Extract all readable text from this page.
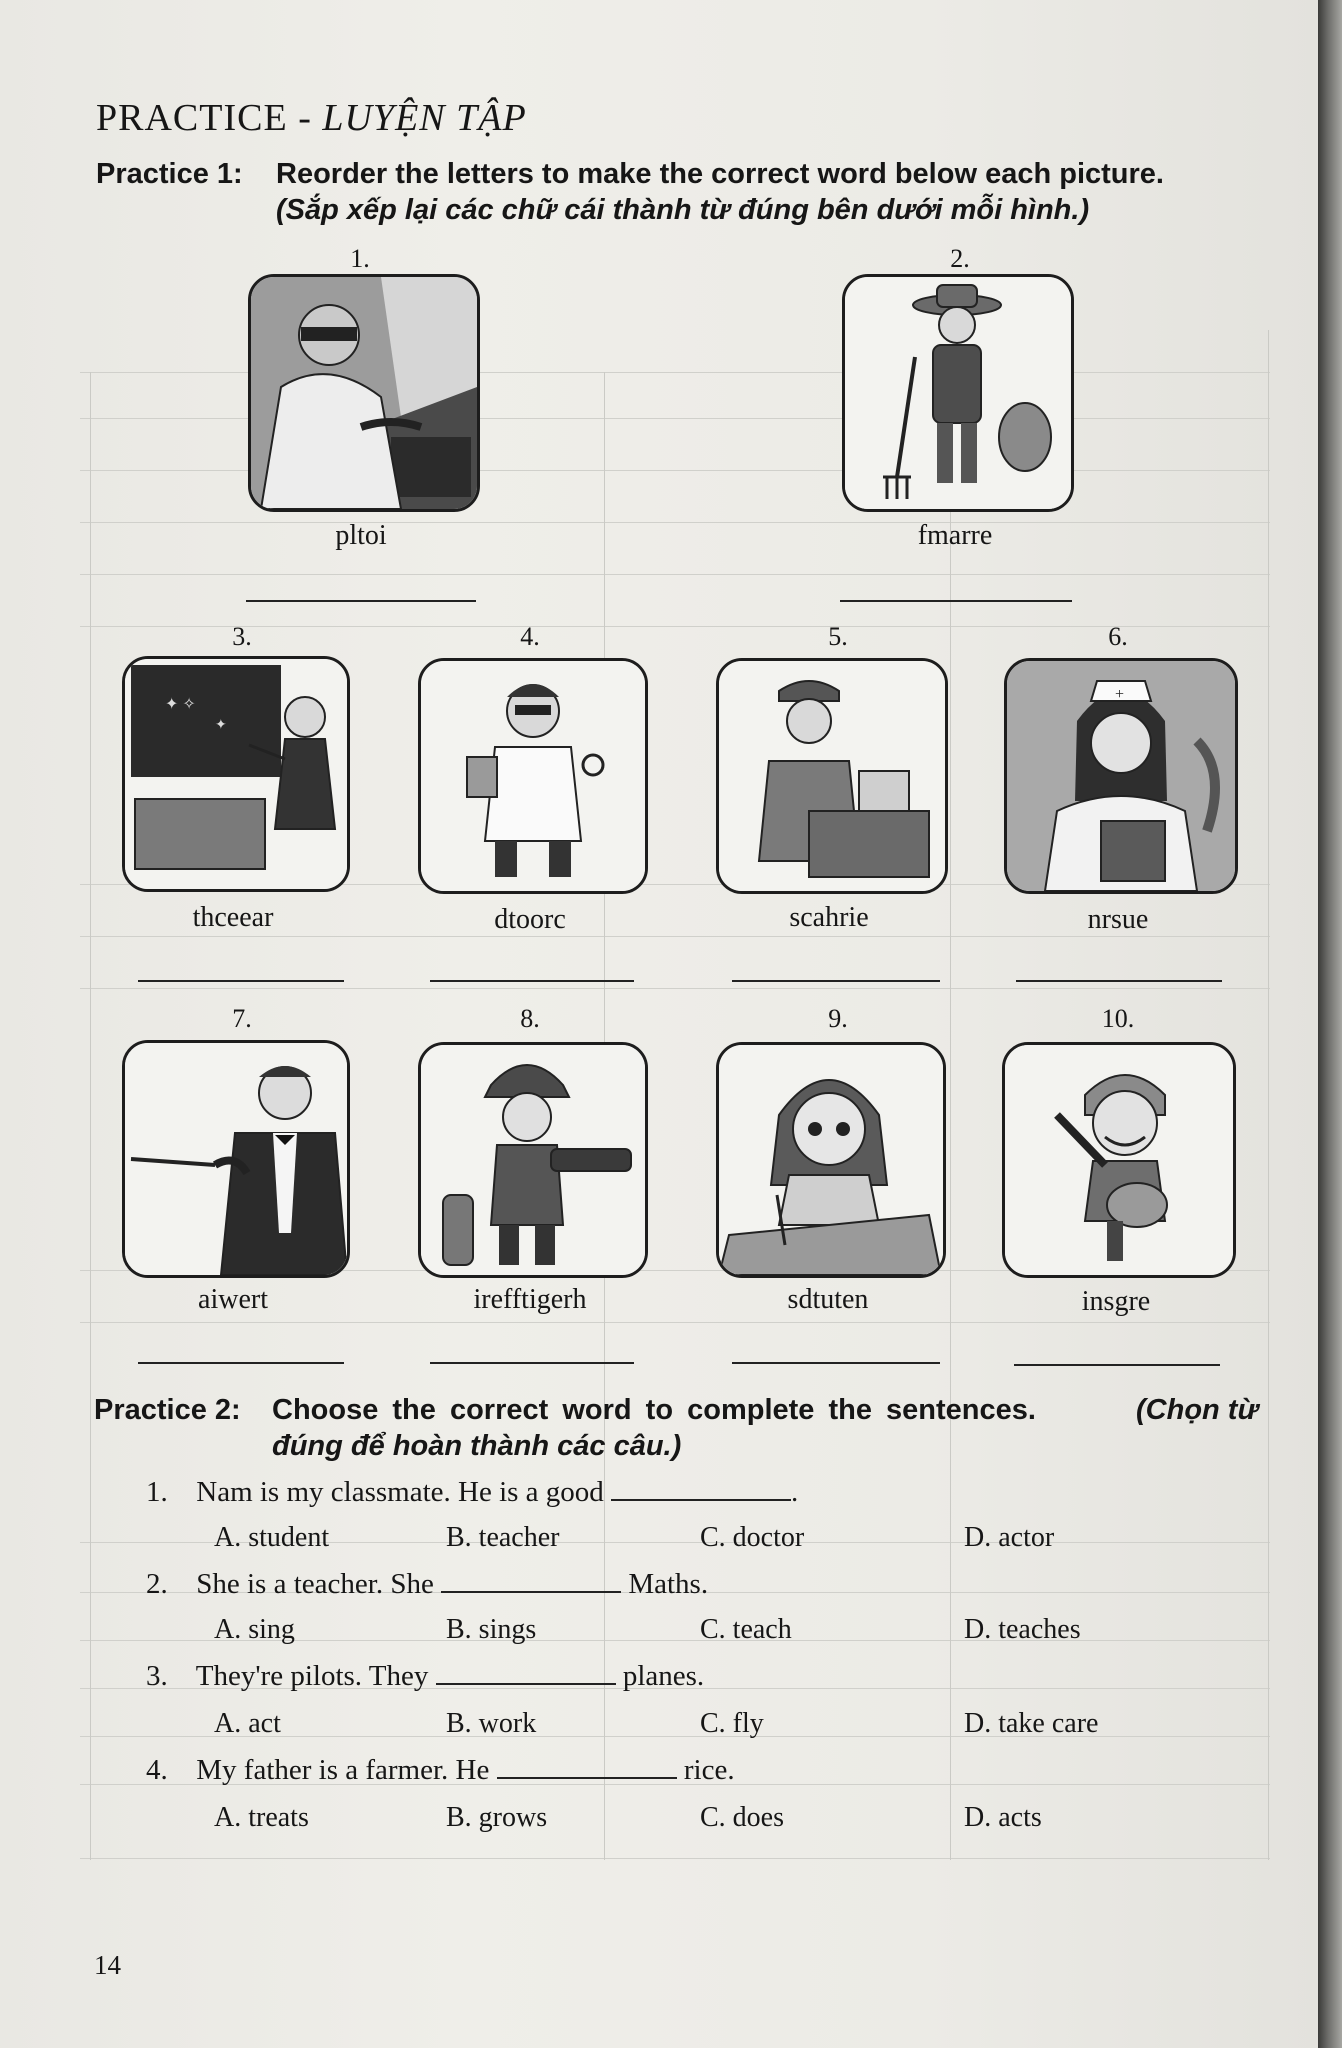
PRACTICE - LUYỆN TẬP
Practice 1: Reorder the letters to make the correct word below each picture.
(Sắp xếp lại các chữ cái thành từ đúng bên dưới mỗi hình.)
1.
pltoi
2.
fmarre
3.
✦ ✧
✦
thceear
4.
dtoorc
5.
scahrie
6.
+
nrsue
7.
aiwert
8.
irefftigerh
9.
sdtuten
10.
insgre
Practice 2: Choose the correct word to complete the sentences.	(Chọn từ
đúng để hoàn thành các câu.)
1. Nam is my classmate. He is a good	.
A. student	B. teacher	C. doctor	D. actor
2. She is a teacher. She	Maths.
A. sing	B. sings	C. teach	D. teaches
3. They're pilots. They	planes.
A. act	B. work	C. fly	D. take care
4. My father is a farmer. He	rice.
A. treats	B. grows	C. does	D. acts
14
